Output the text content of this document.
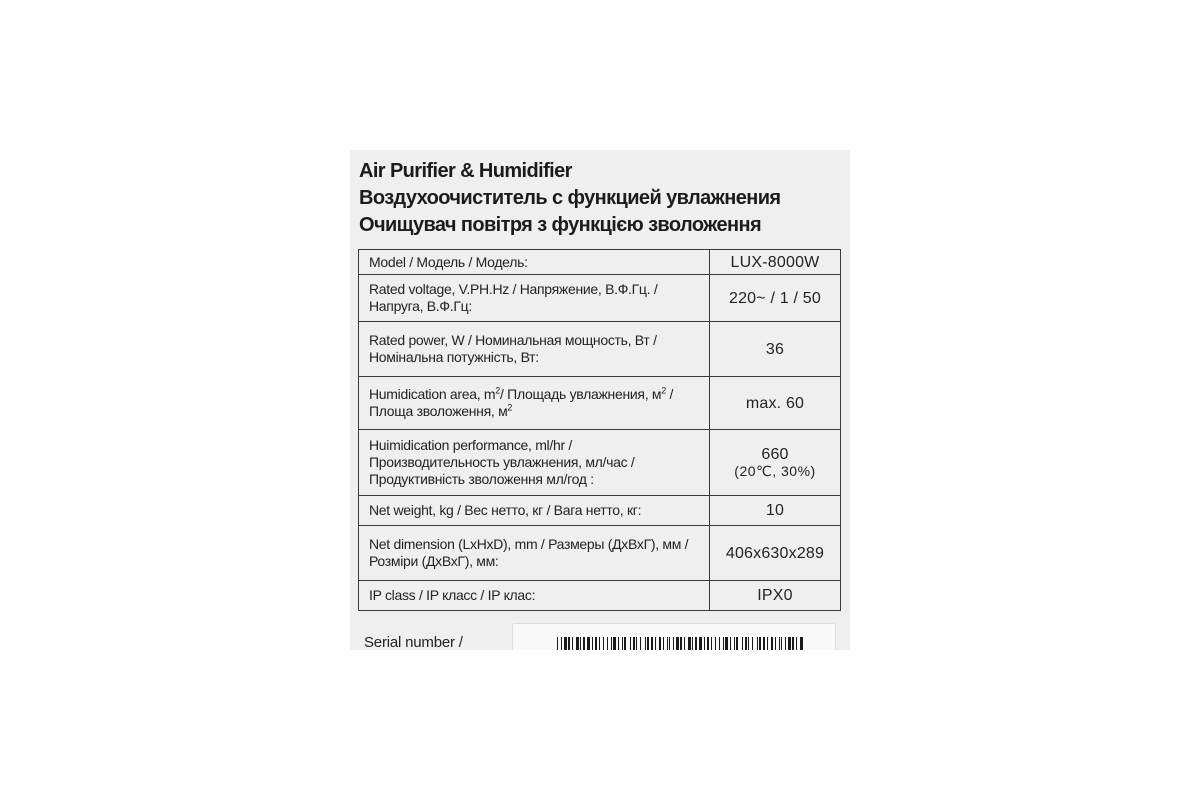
Air Purifier & Humidifier
Воздухоочиститель с функцией увлажнения
Очищувач повітря з функцією зволоження
Model / Модель / Модель:	LUX-8000W
Rated voltage, V.PH.Hz / Напряжение, В.Ф.Гц. /
Напруга, В.Ф.Гц:	220~ / 1 / 50
Rated power, W / Номинальная мощность, Вт /
Номінальна потужність, Вт:	36
Humidication area, $m^2/$ Площадь увлажнения, $м^2$ /
Площа зволоження, $м^2$	max. 60
Huimidication performance, ml/hr /
Производительность увлажнения, мл/час /
Продуктивність зволоження мл/год :	660
(20℃, 30%)

Net weight, kg / Вес нетто, кг / Вага нетто, кг:	10
Net dimension (LxHxD), mm / Размеры (ДхВхГ), мм /
Розміри (ДхВхГ), мм:	406x630x289
IP class / IP класс / IP клас:	IPX0
Serial number /
